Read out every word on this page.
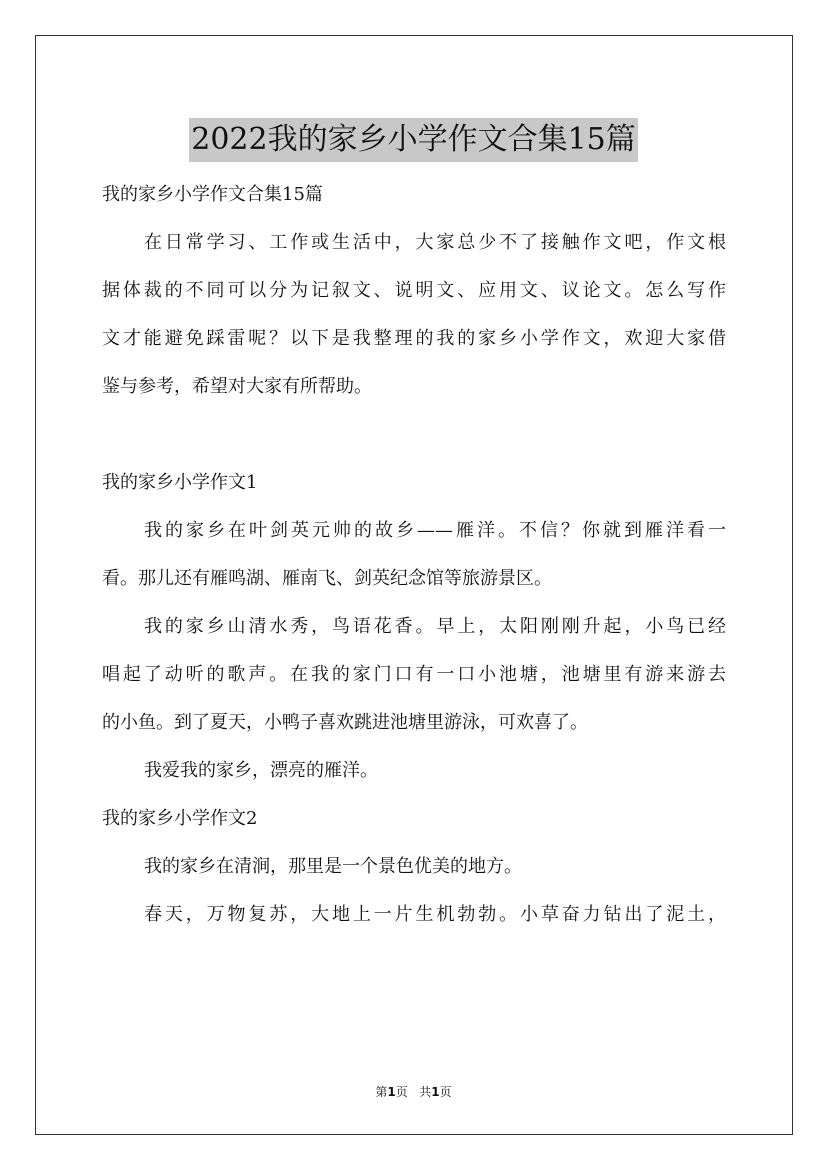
2022我的家乡小学作文合集15篇
我的家乡小学作文合集15篇
在日常学习、工作或生活中，大家总少不了接触作文吧，作文根
据体裁的不同可以分为记叙文、说明文、应用文、议论文。怎么写作
文才能避免踩雷呢？以下是我整理的我的家乡小学作文，欢迎大家借
鉴与参考，希望对大家有所帮助。
我的家乡小学作文1
我的家乡在叶剑英元帅的故乡——雁洋。不信？你就到雁洋看一
看。那儿还有雁鸣湖、雁南飞、剑英纪念馆等旅游景区。
我的家乡山清水秀，鸟语花香。早上，太阳刚刚升起，小鸟已经
唱起了动听的歌声。在我的家门口有一口小池塘，池塘里有游来游去
的小鱼。到了夏天，小鸭子喜欢跳进池塘里游泳，可欢喜了。
我爱我的家乡，漂亮的雁洋。
我的家乡小学作文2
我的家乡在清涧，那里是一个景色优美的地方。
春天，万物复苏，大地上一片生机勃勃。小草奋力钻出了泥土，
第1页 共1页
